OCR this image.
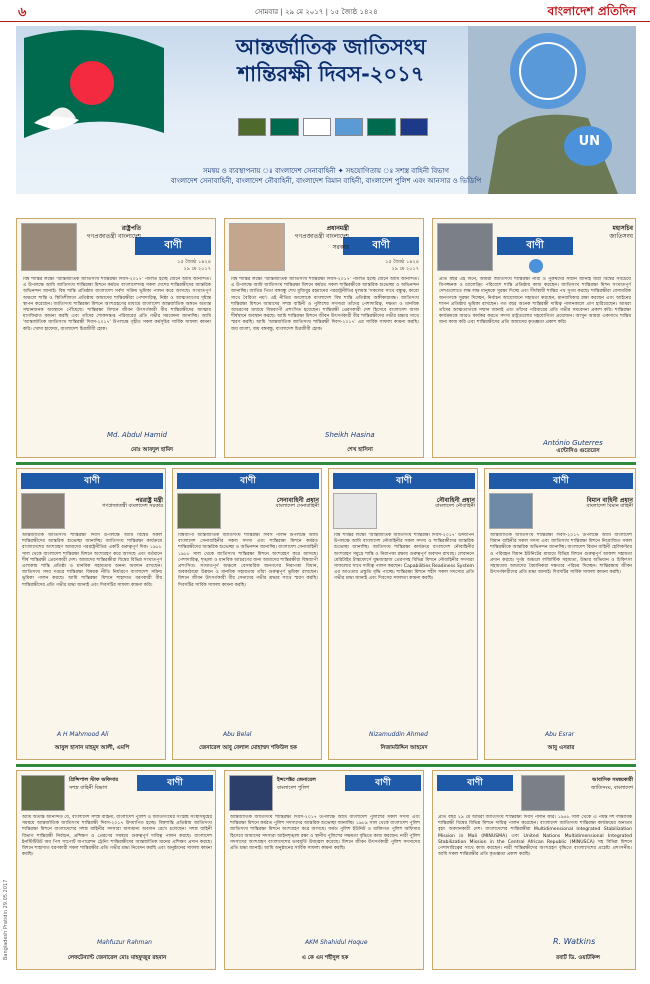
৬	সোমবার | ২৯ মে ২০১৭ | ১৫ জ্যৈষ্ঠ ১৪২৪	বাংলাদেশ প্রতিদিন
আন্তর্জাতিক জাতিসংঘ
শান্তিরক্ষী দিবস-২০১৭
UN
সমন্বয় ও ব্যবস্থাপনায় ঃ বাংলাদেশ সেনাবাহিনী ✦ সহযোগিতায় ঃ সশস্ত্র বাহিনী বিভাগ
বাংলাদেশ সেনাবাহিনী, বাংলাদেশ নৌবাহিনী, বাংলাদেশ বিমান বাহিনী, বাংলাদেশ পুলিশ এবং আনসার ও ভিডিপি
বাণী
রাষ্ট্রপতি
গণপ্রজাতন্ত্রী বাংলাদেশ
১৫ জ্যৈষ্ঠ ১৪২৪
২৯ মে ২০১৭
বিশ্ব শান্তির লক্ষ্যে 'আন্তর্জাতিক জাতিসংঘ শান্তিরক্ষী দিবস-২০১৭' পালিত হচ্ছে জেনে আমি আনন্দিত। এ উপলক্ষে আমি জাতিসংঘ শান্তিরক্ষা মিশনে কর্মরত বাংলাদেশসহ সকল দেশের শান্তিরক্ষীদের আন্তরিক অভিনন্দন জানাই। বিশ্ব শান্তি প্রতিষ্ঠায় বাংলাদেশ সর্বদা সক্রিয় ভূমিকা পালন করে আসছে। সংঘাতপূর্ণ অঞ্চলে শান্তি ও স্থিতিশীলতা প্রতিষ্ঠায় আমাদের শান্তিরক্ষীরা পেশাদারিত্ব, নিষ্ঠা ও আত্মত্যাগের দৃষ্টান্ত স্থাপন করেছেন। জাতিসংঘ শান্তিরক্ষা মিশনে অংশগ্রহণের মাধ্যমে বাংলাদেশ আন্তর্জাতিক অঙ্গনে অত্যন্ত সম্মানজনক অবস্থানে পৌঁছেছে। শান্তিরক্ষা মিশনে জীবন উৎসর্গকারী বীর শান্তিরক্ষীদের আত্মার মাগফিরাত কামনা করছি এবং তাঁদের শোকসন্তপ্ত পরিবারের প্রতি গভীর সমবেদনা জানাচ্ছি। আমি 'আন্তর্জাতিক জাতিসংঘ শান্তিরক্ষী দিবস-২০১৭' উপলক্ষে গৃহীত সকল কর্মসূচির সার্বিক সাফল্য কামনা করি। খোদা হাফেজ, বাংলাদেশ চিরজীবী হোক।
Md. Abdul Hamid
মোঃ আবদুল হামিদ
বাণী
প্রধানমন্ত্রী
গণপ্রজাতন্ত্রী বাংলাদেশ সরকার
১৫ জ্যৈষ্ঠ ১৪২৪
২৯ মে ২০১৭
বিশ্ব শান্তির লক্ষ্যে 'আন্তর্জাতিক জাতিসংঘ শান্তিরক্ষী দিবস-২০১৭' পালিত হচ্ছে জেনে আমি আনন্দিত। এ উপলক্ষে আমি জাতিসংঘ শান্তিরক্ষা মিশনে কর্মরত সকল শান্তিরক্ষীকে আন্তরিক শুভেচ্ছা ও অভিনন্দন জানাচ্ছি। জাতির পিতা বঙ্গবন্ধু শেখ মুজিবুর রহমানের পররাষ্ট্রনীতির মূলমন্ত্র 'সকলের সাথে বন্ধুত্ব, কারো সাথে বৈরিতা নয়'। এই নীতির আলোকে বাংলাদেশ বিশ্ব শান্তি প্রতিষ্ঠায় অঙ্গীকারাবদ্ধ। জাতিসংঘ শান্তিরক্ষা মিশনে আমাদের সশস্ত্র বাহিনী ও পুলিশের সদস্যরা তাঁদের পেশাদারিত্ব, দক্ষতা ও মানবিক আচরণের মাধ্যমে বিশ্বব্যাপী প্রশংসিত হয়েছেন। শান্তিরক্ষী প্রেরণকারী দেশ হিসেবে বাংলাদেশ আজ শীর্ষস্থানে অবস্থান করছে। আমি শান্তিরক্ষা মিশনে জীবন উৎসর্গকারী বীর শান্তিরক্ষীদের গভীর শ্রদ্ধার সাথে স্মরণ করছি। আমি 'আন্তর্জাতিক জাতিসংঘ শান্তিরক্ষী দিবস-২০১৭' এর সার্বিক সাফল্য কামনা করছি। জয় বাংলা, জয় বঙ্গবন্ধু, বাংলাদেশ চিরজীবী হোক।
Sheikh Hasina
শেখ হাসিনা
বাণী
মহাসচিব
জাতিসংঘ
প্রতি বছর এই দিনে, আমরা জাতিসংঘ শান্তিরক্ষী নারী ও পুরুষদের সম্মান জানাই যারা বিশ্বের সবচেয়ে বিপজ্জনক ও চ্যালেঞ্জিং পরিবেশে শান্তি প্রতিষ্ঠায় কাজ করছেন। জাতিসংঘ শান্তিরক্ষা মিশন সংঘাতপূর্ণ দেশগুলোতে লক্ষ লক্ষ মানুষকে সুরক্ষা দিচ্ছে এবং দীর্ঘস্থায়ী শান্তির পথ সুগম করছে। শান্তিরক্ষীরা বেসামরিক জনগণকে সুরক্ষা দিচ্ছেন, নির্বাচন আয়োজনে সহায়তা করছেন, মানবাধিকার রক্ষা করছেন এবং আইনের শাসন প্রতিষ্ঠায় ভূমিকা রাখছেন। গত বছর অনেক শান্তিরক্ষী দায়িত্ব পালনকালে প্রাণ হারিয়েছেন। আমরা তাঁদের আত্মত্যাগকে সম্মান জানাই এবং তাঁদের পরিবারের প্রতি গভীর সমবেদনা প্রকাশ করি। শান্তিরক্ষা কার্যক্রমকে আরও কার্যকর করতে সদস্য রাষ্ট্রগুলোর সহযোগিতা প্রয়োজন। আসুন আমরা একসাথে শান্তির জন্য কাজ করি এবং শান্তিরক্ষীদের প্রতি আমাদের কৃতজ্ঞতা প্রকাশ করি।
António Guterres
এন্টোনিও গুতেরেস
বাণী
পররাষ্ট্র মন্ত্রী
গণপ্রজাতন্ত্রী বাংলাদেশ সরকার
আন্তর্জাতিক জাতিসংঘ শান্তিরক্ষী দিবস উপলক্ষে আমি বিশ্বের সকল শান্তিরক্ষীদের আন্তরিক শুভেচ্ছা জানাচ্ছি। জাতিসংঘ শান্তিরক্ষা কার্যক্রমে বাংলাদেশের অংশগ্রহণ আমাদের পররাষ্ট্রনীতির একটি গুরুত্বপূর্ণ দিক। ১৯৮৮ সাল থেকে বাংলাদেশ শান্তিরক্ষা মিশনে অংশগ্রহণ করে আসছে এবং বর্তমানে শীর্ষ শান্তিরক্ষী প্রেরণকারী দেশ। আমাদের শান্তিরক্ষীরা বিশ্বের বিভিন্ন সংঘাতপূর্ণ এলাকায় শান্তি প্রতিষ্ঠা ও মানবিক সহায়তায় অনন্য অবদান রাখছেন। জাতিসংঘ সদর দপ্তরে শান্তিরক্ষা বিষয়ক নীতি নির্ধারণে বাংলাদেশ সক্রিয় ভূমিকা পালন করছে। আমি শান্তিরক্ষা মিশনে শাহাদাত বরণকারী বীর শান্তিরক্ষীদের প্রতি গভীর শ্রদ্ধা জানাই এবং দিবসটির সাফল্য কামনা করি।
A H Mahmood Ali
আবুল হাসান মাহমুদ আলী, এমপি
বাণী
সেনাবাহিনী প্রধান
বাংলাদেশ সেনাবাহিনী
বিশ্বব্যাপী আন্তর্জাতিক জাতিসংঘ শান্তিরক্ষী দিবস পালন উপলক্ষে আমি বাংলাদেশ সেনাবাহিনীর সকল সদস্য এবং শান্তিরক্ষা মিশনে কর্মরত শান্তিরক্ষীদের আন্তরিক শুভেচ্ছা ও অভিনন্দন জানাচ্ছি। বাংলাদেশ সেনাবাহিনী ১৯৮৮ সাল থেকে জাতিসংঘ শান্তিরক্ষা মিশনে অংশগ্রহণ করে আসছে। পেশাদারিত্ব, শৃঙ্খলা ও মানবিক আচরণের জন্য আমাদের শান্তিরক্ষীরা বিশ্বব্যাপী প্রশংসিত। সংঘাতপূর্ণ অঞ্চলে বেসামরিক জনগণের নিরাপত্তা বিধান, অবকাঠামো উন্নয়ন ও মানবিক সহায়তায় তাঁরা গুরুত্বপূর্ণ ভূমিকা রাখছেন। মিশনে জীবন উৎসর্গকারী বীর সেনাদের গভীর শ্রদ্ধার সাথে স্মরণ করছি। দিবসটির সার্বিক সাফল্য কামনা করছি।
Abu Belal
জেনারেল আবু বেলাল মোহাম্মদ শফিউল হক
বাণী
নৌবাহিনী প্রধান
বাংলাদেশ নৌবাহিনী
বিশ্ব শান্তির লক্ষ্যে 'আন্তর্জাতিক জাতিসংঘ শান্তিরক্ষী দিবস-২০১৭' উদযাপন উপলক্ষে আমি বাংলাদেশ নৌবাহিনীর সকল সদস্য ও শান্তিরক্ষীদের আন্তরিক শুভেচ্ছা জানাচ্ছি। জাতিসংঘ শান্তিরক্ষা কার্যক্রমে বাংলাদেশ নৌবাহিনীর অংশগ্রহণ সমুদ্রে শান্তি ও নিরাপত্তা রক্ষায় গুরুত্বপূর্ণ অবদান রাখছে। লেবাননে মেরিটাইম টাস্কফোর্সে যুদ্ধজাহাজ প্রেরণসহ বিভিন্ন মিশনে নৌবাহিনীর সদস্যরা সাফল্যের সাথে দায়িত্ব পালন করছেন। Capabilities Readiness System এর আওতায় প্রস্তুতি বৃদ্ধি পাচ্ছে। শান্তিরক্ষা মিশনে শহীদ সকল সদস্যের প্রতি গভীর শ্রদ্ধা জানাই এবং দিবসের সফলতা কামনা করছি।
Nizamuddin Ahmed
নিজামউদ্দিন আহমেদ
বাণী
বিমান বাহিনী প্রধান
বাংলাদেশ বিমান বাহিনী
আন্তর্জাতিক জাতিসংঘ শান্তিরক্ষী দিবস-২০১৭ উপলক্ষে আমি বাংলাদেশ বিমান বাহিনীর সকল সদস্য এবং জাতিসংঘ শান্তিরক্ষা মিশনে নিয়োজিত সকল শান্তিরক্ষীকে আন্তরিক অভিনন্দন জানাচ্ছি। বাংলাদেশ বিমান বাহিনী হেলিকপ্টার ও পরিবহন বিমান ইউনিটের মাধ্যমে বিভিন্ন মিশনে গুরুত্বপূর্ণ আকাশ সহায়তা প্রদান করছে। দুর্গম অঞ্চলে লজিস্টিক সহায়তা, উদ্ধার অভিযান ও চিকিৎসা সহায়তায় আমাদের বৈমানিকরা দক্ষতার পরিচয় দিচ্ছেন। শান্তিরক্ষায় জীবন উৎসর্গকারীদের প্রতি শ্রদ্ধা জানাই। দিবসটির সার্বিক সাফল্য কামনা করছি।
Abu Esrar
আবু এসরার
বাণী
প্রিন্সিপাল স্টাফ অফিসার
সশস্ত্র বাহিনী বিভাগ
আমি অত্যন্ত আনন্দিত যে, বাংলাদেশ সশস্ত্র বাহিনী, বাংলাদেশ পুলিশ ও জাতিসংঘের সংশ্লিষ্ট সংস্থাসমূহের সমন্বয়ে আন্তর্জাতিক জাতিসংঘ শান্তিরক্ষী দিবস-২০১৭ উদযাপিত হচ্ছে। বিশ্বশান্তি প্রতিষ্ঠায় জাতিসংঘ শান্তিরক্ষা মিশনে বাংলাদেশের সশস্ত্র বাহিনীর সদস্যরা অসামান্য অবদান রেখে চলেছেন। সশস্ত্র বাহিনী বিভাগ শান্তিরক্ষী নির্বাচন, প্রশিক্ষণ ও প্রেরণের সমন্বয়ে গুরুত্বপূর্ণ দায়িত্ব পালন করছে। বাংলাদেশ ইনস্টিটিউট অব পিস সাপোর্ট অপারেশন ট্রেনিং শান্তিরক্ষীদের আন্তর্জাতিক মানের প্রশিক্ষণ প্রদান করছে। মিশনে শাহাদাত বরণকারী সকল শান্তিরক্ষীর প্রতি গভীর শ্রদ্ধা নিবেদন করছি এবং অনুষ্ঠানের সাফল্য কামনা করছি।
Mahfuzur Rahman
লেফটেন্যান্ট জেনারেল মোঃ মাহফুজুর রহমান
বাণী
ইন্সপেক্টর জেনারেল
বাংলাদেশ পুলিশ
আন্তর্জাতিক জাতিসংঘ শান্তিরক্ষী দিবস-২০১৭ উপলক্ষে আমি বাংলাদেশ পুলিশের সকল সদস্য এবং শান্তিরক্ষা মিশনে কর্মরত পুলিশ সদস্যদের আন্তরিক শুভেচ্ছা জানাচ্ছি। ১৯৮৯ সাল থেকে বাংলাদেশ পুলিশ জাতিসংঘ শান্তিরক্ষা মিশনে অংশগ্রহণ করে আসছে। ফর্মড পুলিশ ইউনিট ও ব্যক্তিগত পুলিশ অফিসার হিসেবে আমাদের সদস্যরা আইনশৃঙ্খলা রক্ষা ও স্থানীয় পুলিশের সক্ষমতা বৃদ্ধিতে কাজ করছেন। নারী পুলিশ সদস্যদের অংশগ্রহণ বাংলাদেশের ভাবমূর্তি উজ্জ্বল করেছে। মিশনে জীবন উৎসর্গকারী পুলিশ সদস্যদের প্রতি শ্রদ্ধা জানাই। আমি অনুষ্ঠানের সার্বিক সাফল্য কামনা করছি।
AKM Shahidul Hoque
এ কে এম শহীদুল হক
বাণী	আবাসিক সমন্বয়কারী
জাতিসংঘ, বাংলাদেশ
প্রতি বছর ২৯ মে আমরা জাতিসংঘ শান্তিরক্ষী দিবস পালন করি। ১৯৪৮ সাল থেকে এ পর্যন্ত দশ লক্ষাধিক শান্তিরক্ষী বিশ্বের বিভিন্ন মিশনে দায়িত্ব পালন করেছেন। বাংলাদেশ জাতিসংঘ শান্তিরক্ষা কার্যক্রমের অন্যতম বৃহৎ অবদানকারী দেশ। বাংলাদেশের শান্তিরক্ষীরা Multidimensional Integrated Stabilization Mission in Mali (MINUSMA) এবং United Nations Multidimensional Integrated Stabilization Mission in the Central African Republic (MINUSCA) সহ বিভিন্ন মিশনে পেশাদারিত্বের সাথে কাজ করছেন। নারী শান্তিরক্ষীদের অংশগ্রহণ বৃদ্ধিতে বাংলাদেশের প্রচেষ্টা প্রশংসনীয়। আমি সকল শান্তিরক্ষীর প্রতি কৃতজ্ঞতা প্রকাশ করছি।
R. Watkins
রবার্ট ডি. ওয়াটকিন্স
Bangladesh Pratidin 29.05.2017
